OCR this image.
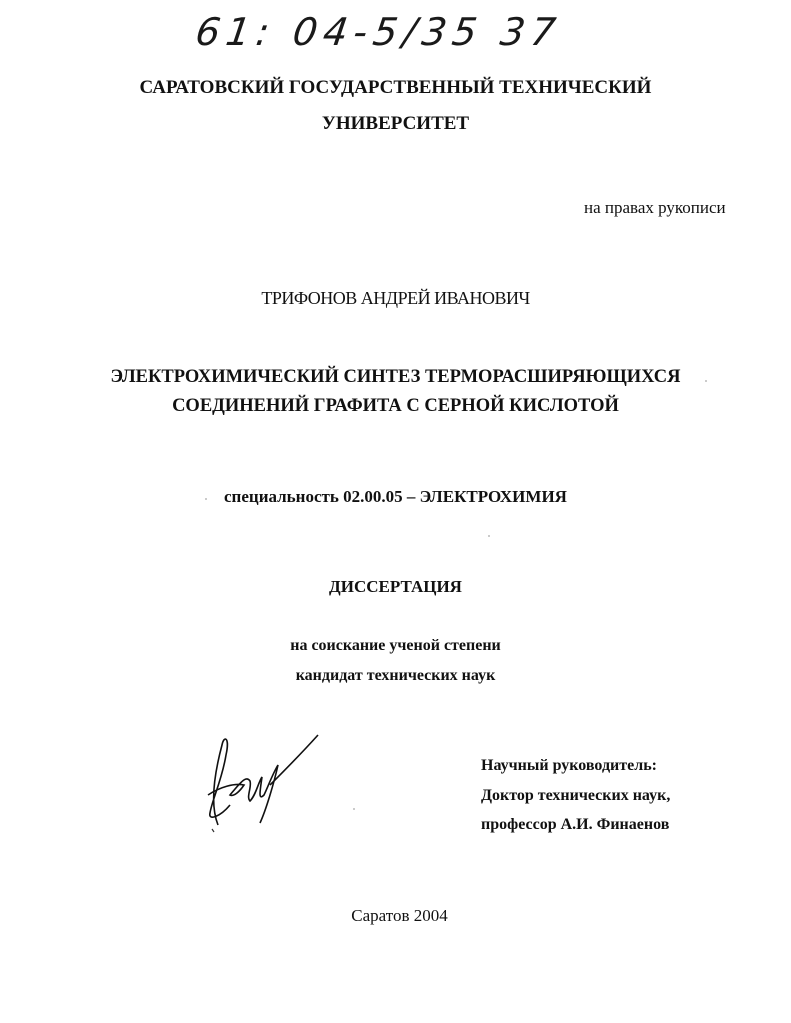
61: 04-5/35 37
САРАТОВСКИЙ ГОСУДАРСТВЕННЫЙ ТЕХНИЧЕСКИЙ
УНИВЕРСИТЕТ
на правах рукописи
ТРИФОНОВ АНДРЕЙ ИВАНОВИЧ
ЭЛЕКТРОХИМИЧЕСКИЙ СИНТЕЗ ТЕРМОРАСШИРЯЮЩИХСЯ
СОЕДИНЕНИЙ ГРАФИТА С СЕРНОЙ КИСЛОТОЙ
специальность 02.00.05 – ЭЛЕКТРОХИМИЯ
ДИССЕРТАЦИЯ
на соискание ученой степени
кандидат технических наук
Научный руководитель:
Доктор технических наук,
профессор А.И. Финаенов
Саратов 2004
